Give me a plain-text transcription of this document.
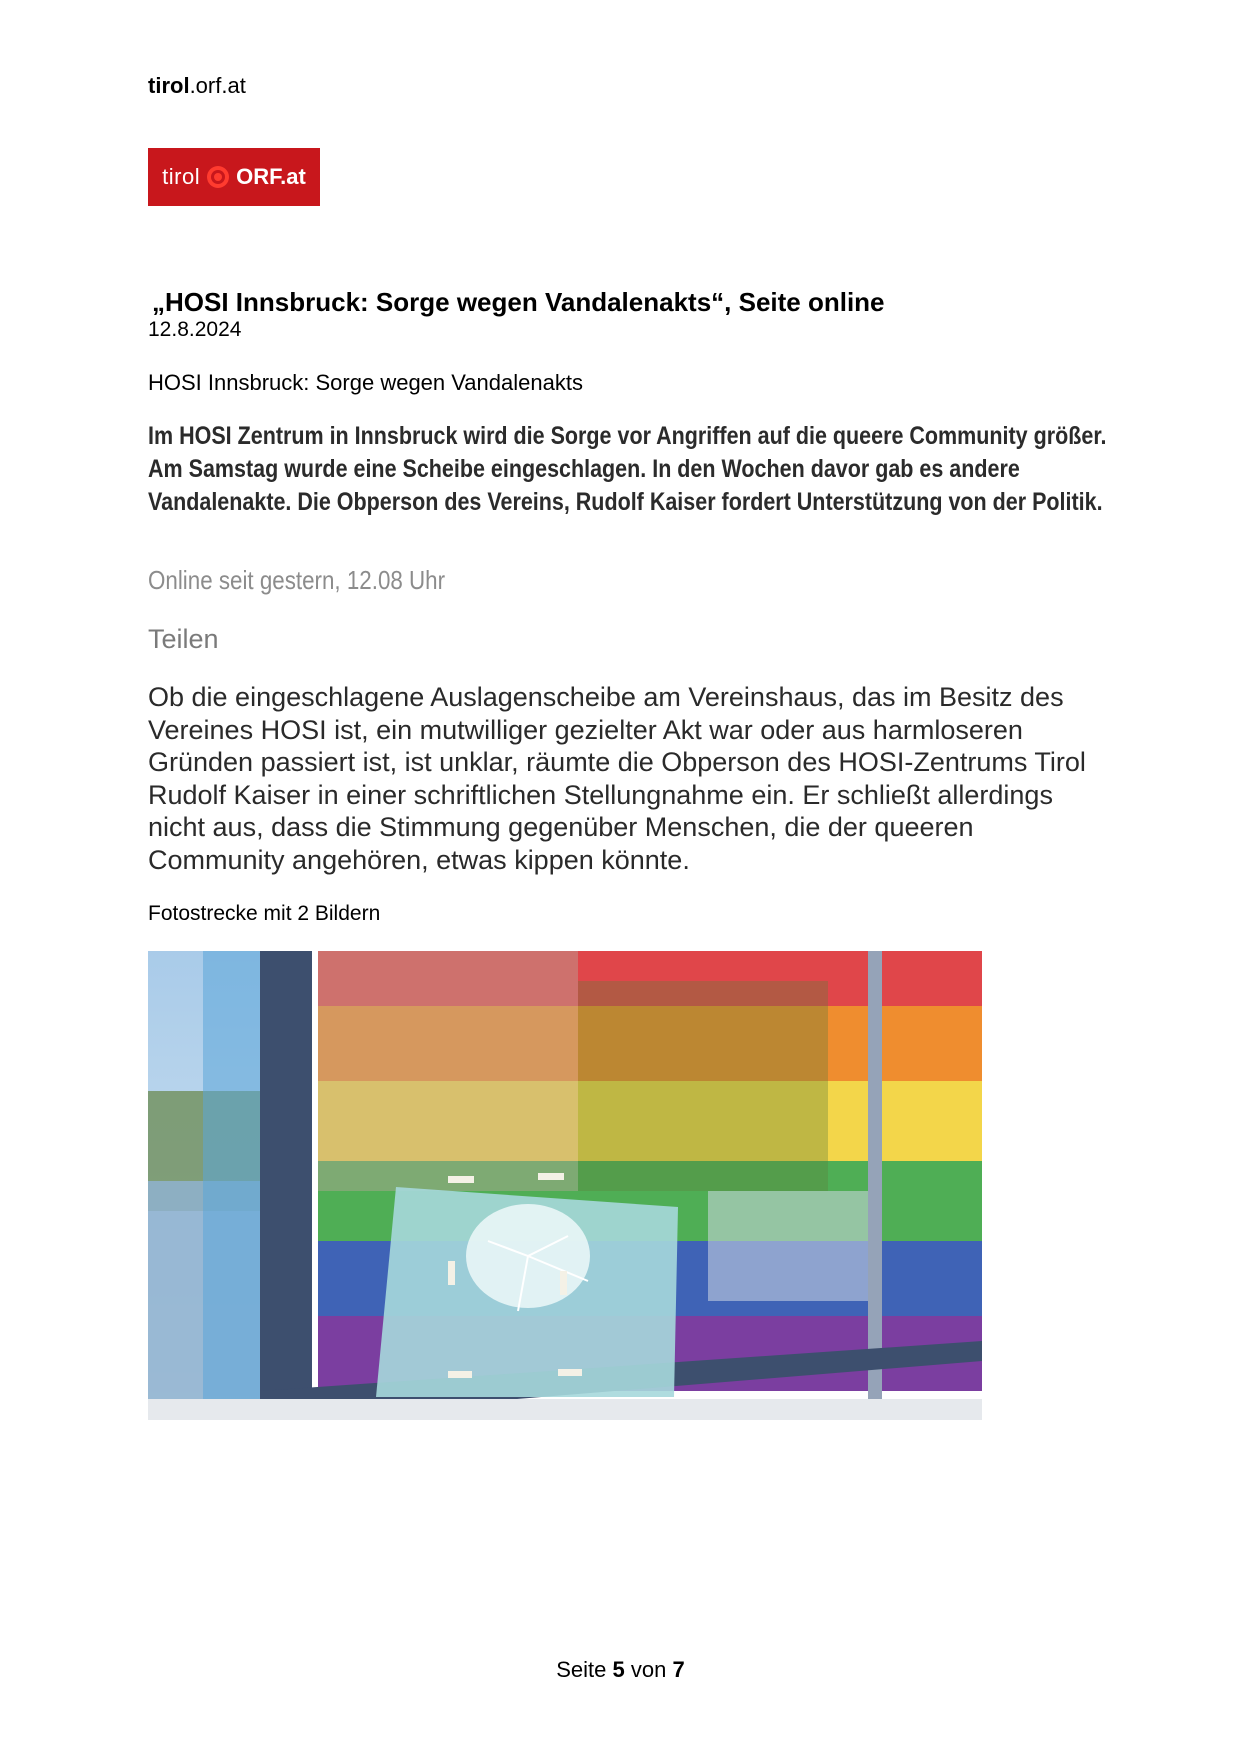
tirol.orf.at
tirol ORF.at
„HOSI Innsbruck: Sorge wegen Vandalenakts“, Seite online
12.8.2024
HOSI Innsbruck: Sorge wegen Vandalenakts
Im HOSI Zentrum in Innsbruck wird die Sorge vor Angriffen auf die queere Community größer. Am Samstag wurde eine Scheibe eingeschlagen. In den Wochen davor gab es andere Vandalenakte. Die Obperson des Vereins, Rudolf Kaiser fordert Unterstützung von der Politik.
Online seit gestern, 12.08 Uhr
Teilen
Ob die eingeschlagene Auslagenscheibe am Vereinshaus, das im Besitz des Vereines HOSI ist, ein mutwilliger gezielter Akt war oder aus harmloseren Gründen passiert ist, ist unklar, räumte die Obperson des HOSI-Zentrums Tirol Rudolf Kaiser in einer schriftlichen Stellungnahme ein. Er schließt allerdings nicht aus, dass die Stimmung gegenüber Menschen, die der queeren Community angehören, etwas kippen könnte.
Fotostrecke mit 2 Bildern
Seite 5 von 7
